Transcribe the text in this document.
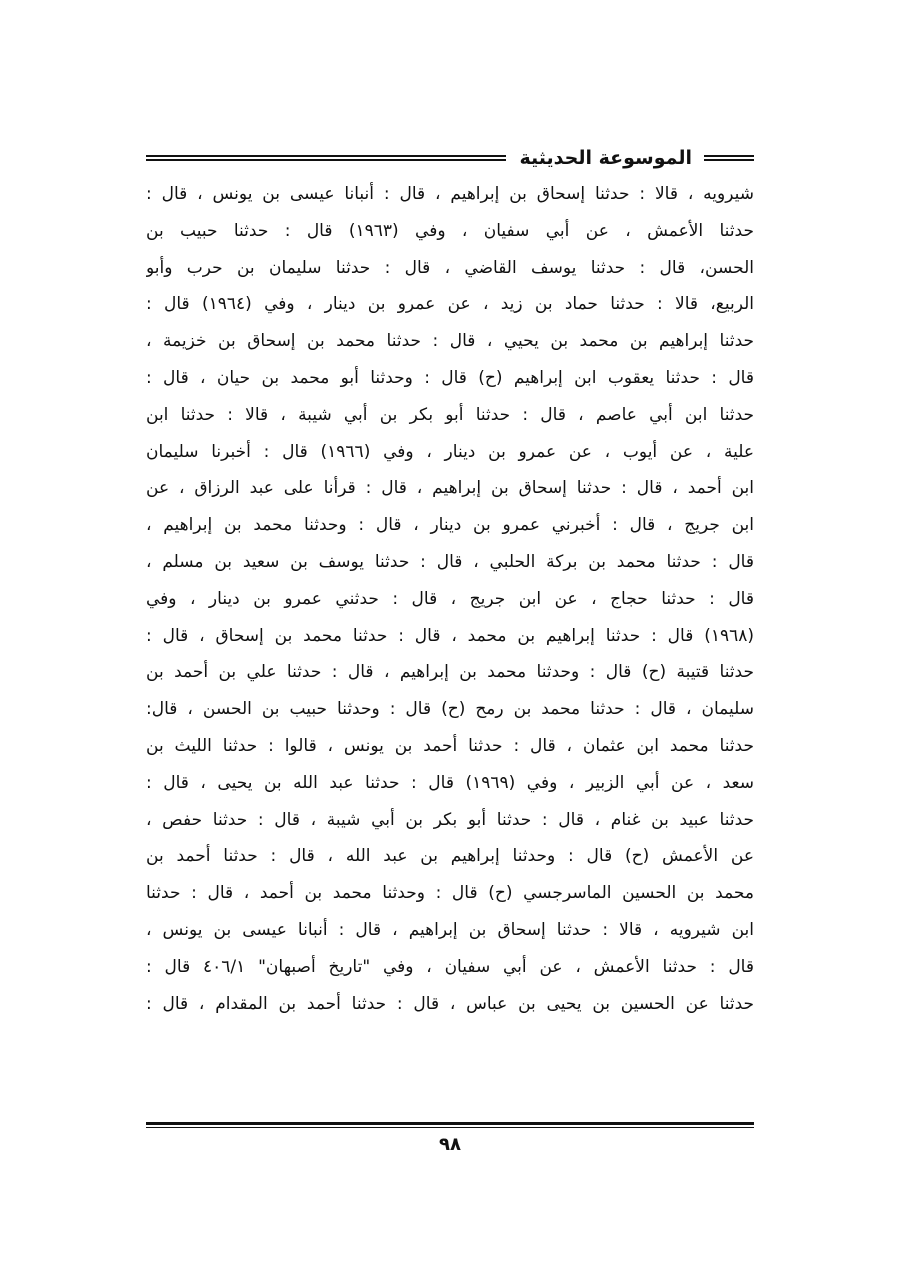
الموسوعة الحديثية
شيرويه ، قالا : حدثنا إسحاق بن إبراهيم ، قال : أنبانا عيسى بن يونس ، قال :
حدثنا الأعمش ، عن أبي سفيان ، وفي (١٩٦٣) قال : حدثنا حبيب بن
الحسن، قال : حدثنا يوسف القاضي ، قال : حدثنا سليمان بن حرب وأبو
الربيع، قالا : حدثنا حماد بن زيد ، عن عمرو بن دينار ، وفي (١٩٦٤) قال :
حدثنا إبراهيم بن محمد بن يحيي ، قال : حدثنا محمد بن إسحاق بن خزيمة ،
قال : حدثنا يعقوب ابن إبراهيم (ح) قال : وحدثنا أبو محمد بن حيان ، قال :
حدثنا ابن أبي عاصم ، قال : حدثنا أبو بكر بن أبي شيبة ، قالا : حدثنا ابن
علية ، عن أيوب ، عن عمرو بن دينار ، وفي (١٩٦٦) قال : أخبرنا سليمان
ابن أحمد ، قال : حدثنا إسحاق بن إبراهيم ، قال : قرأنا على عبد الرزاق ، عن
ابن جريج ، قال : أخبرني عمرو بن دينار ، قال : وحدثنا محمد بن إبراهيم ،
قال : حدثنا محمد بن بركة الحلبي ، قال : حدثنا يوسف بن سعيد بن مسلم ،
قال : حدثنا حجاج ، عن ابن جريج ، قال : حدثني عمرو بن دينار ، وفي
(١٩٦٨) قال : حدثنا إبراهيم بن محمد ، قال : حدثنا محمد بن إسحاق ، قال :
حدثنا قتيبة (ح) قال : وحدثنا محمد بن إبراهيم ، قال : حدثنا علي بن أحمد بن
سليمان ، قال : حدثنا محمد بن رمح (ح) قال : وحدثنا حبيب بن الحسن ، قال:
حدثنا محمد ابن عثمان ، قال : حدثنا أحمد بن يونس ، قالوا : حدثنا الليث بن
سعد ، عن أبي الزبير ، وفي (١٩٦٩) قال : حدثنا عبد الله بن يحيى ، قال :
حدثنا عبيد بن غنام ، قال : حدثنا أبو بكر بن أبي شيبة ، قال : حدثنا حفص ،
عن الأعمش (ح) قال : وحدثنا إبراهيم بن عبد الله ، قال : حدثنا أحمد بن
محمد بن الحسين الماسرجسي (ح) قال : وحدثنا محمد بن أحمد ، قال : حدثنا
ابن شيرويه ، قالا : حدثنا إسحاق بن إبراهيم ، قال : أنبانا عيسى بن يونس ،
قال : حدثنا الأعمش ، عن أبي سفيان ، وفي "تاريخ أصبهان" ٤٠٦/١ قال :
حدثنا عن الحسين بن يحيى بن عباس ، قال : حدثنا أحمد بن المقدام ، قال :
٩٨
